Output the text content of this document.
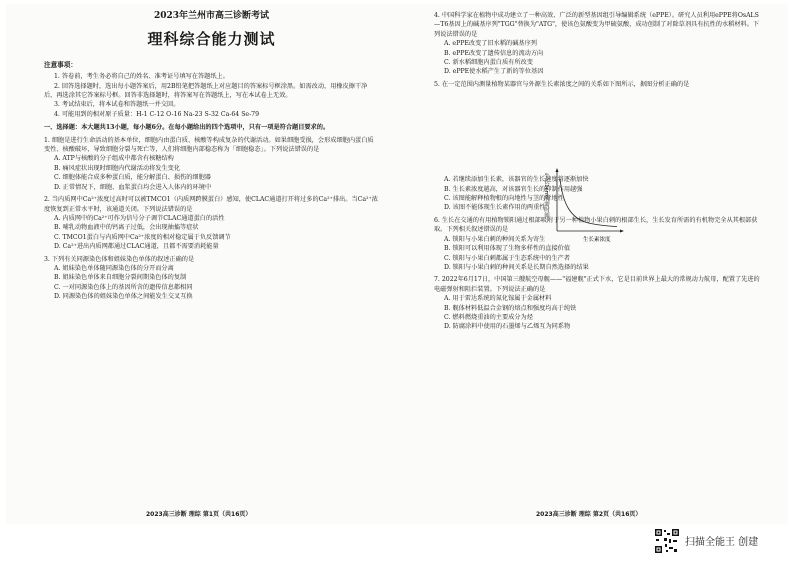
2023年兰州市高三诊断考试
理科综合能力测试
注意事项：

1. 答卷前，考生务必将自己的姓名、准考证号填写在答题纸上。

2. 回答选择题时，选出每小题答案后，用2B铅笔把答题纸上对应题目的答案标号框涂黑。如需改动，用橡皮擦干净后，再选涂其它答案标号框。回答非选择题时，将答案写在答题纸上，写在本试卷上无效。

3. 考试结束后，将本试卷和答题纸一并交回。

4. 可能用到的相对原子质量：H-1 C-12 O-16 Na-23 S-32 Ca-64 Se-79

一、选择题：本大题共13小题，每小题6分。在每小题给出的四个选项中，只有一项是符合题目要求的。
1. 细胞是进行生命活动的基本单位，细胞内由蛋白质、核酸等构成复杂的代谢活动。如果细胞受损，会形成细胞内蛋白质变性、核酸破坏，导致细胞分裂与死亡等，人们将细胞内部稳态称为「细胞稳态」。下列说法错误的是
A. ATP与核酸的分子组成中都含有核糖结构
B. 痛风症状出现时细胞内代谢活动将发生变化
C. 细胞体能合成多种蛋白质，能分解蛋白、损伤的细胞器
D. 正常情况下，细胞、血浆蛋白均会进入人体内的环境中
2. 当内质网中Ca²⁺浓度过高时可以被TMCO1（内质网跨膜蛋白）感知，使CLAC通道打开将过多的Ca²⁺排出。当Ca²⁺浓度恢复到正常水平时，该通道关闭。下列说法错误的是
A. 内质网中的Ca²⁺可作为信号分子调节CLAC通道蛋白的活性
B. 哺乳动物血液中的钙离子过低，会出现抽搐等症状
C. TMCO1蛋白与内质网中Ca²⁺浓度的相对稳定属于负反馈调节
D. Ca²⁺进出内质网都通过CLAC通道，且都不需要消耗能量
3. 下列有关同源染色体和姐妹染色单体的叙述正确的是
A. 姐妹染色单体随同源染色体的分开而分离
B. 姐妹染色单体来自细胞分裂间期染色体的复制
C. 一对同源染色体上的基因所含的遗传信息都相同
D. 同源染色体的姐妹染色单体之间能发生交叉互换
4. 中国科学家在植物中成功建立了一种高效、广泛的新型基因组引导编辑系统（ePPE）。研究人员利用ePPE将OsALS—T6基因上的碱基序列"TGG"替换为"ATG"，使该色氨酸变为甲硫氨酸，成功创制了对除草剂具有抗性的水稻材料。下列说法错误的是
A. ePPE改变了旧水稻的碱基序列
B. ePPE改变了遗传信息的流动方向
C. 新水稻细胞内蛋白质有所改变
D. ePPE使水稻产生了新的等位基因
5. 在一定范围内测量植物某器官与外源生长素浓度之间的关系如下图所示，据图分析正确的是
A. 若继续添加生长素，该器官的生长速度将逐渐加快
B. 生长素浓度越高，对该器官生长的抑制作用越强
C. 该图能解释植物根的向地性与茎的背地性
D. 该图不能体现生长素作用的两重性
6. 生长在交通的有用植物锁阳通过根部吸附于另一种植物小果白刺的根部生长，生长发育所需的有机物完全从其根部获取。下列相关叙述错误的是
A. 锁阳与小果白刺的种间关系为寄生
B. 锁阳可以利用体现了生物多样性的直接价值
C. 锁阳与小果白刺都属于生态系统中的生产者
D. 锁阳与小果白刺的种间关系是长期自然选择的结果
7. 2022年6月17日，中国第三艘航空母舰——"福建舰"正式下水，它是目前世界上最大的常规动力航母，配置了先进的电磁弹射和阻拦装置。下列说法正确的是
A. 用于雷达系统的氮化镓属于金属材料
B. 舰体材料低温合金钢的熔点和强度均高于纯铁
C. 燃料燃烧重油的主要成分为烃
D. 防腐涂料中使用的石墨烯与乙烯互为同系物
2023高三诊断 理综 第1页（共16页）	2023高三诊断 理综 第2页（共16页）
生长1cm所需时间
生长素浓度
扫描全能王 创建
